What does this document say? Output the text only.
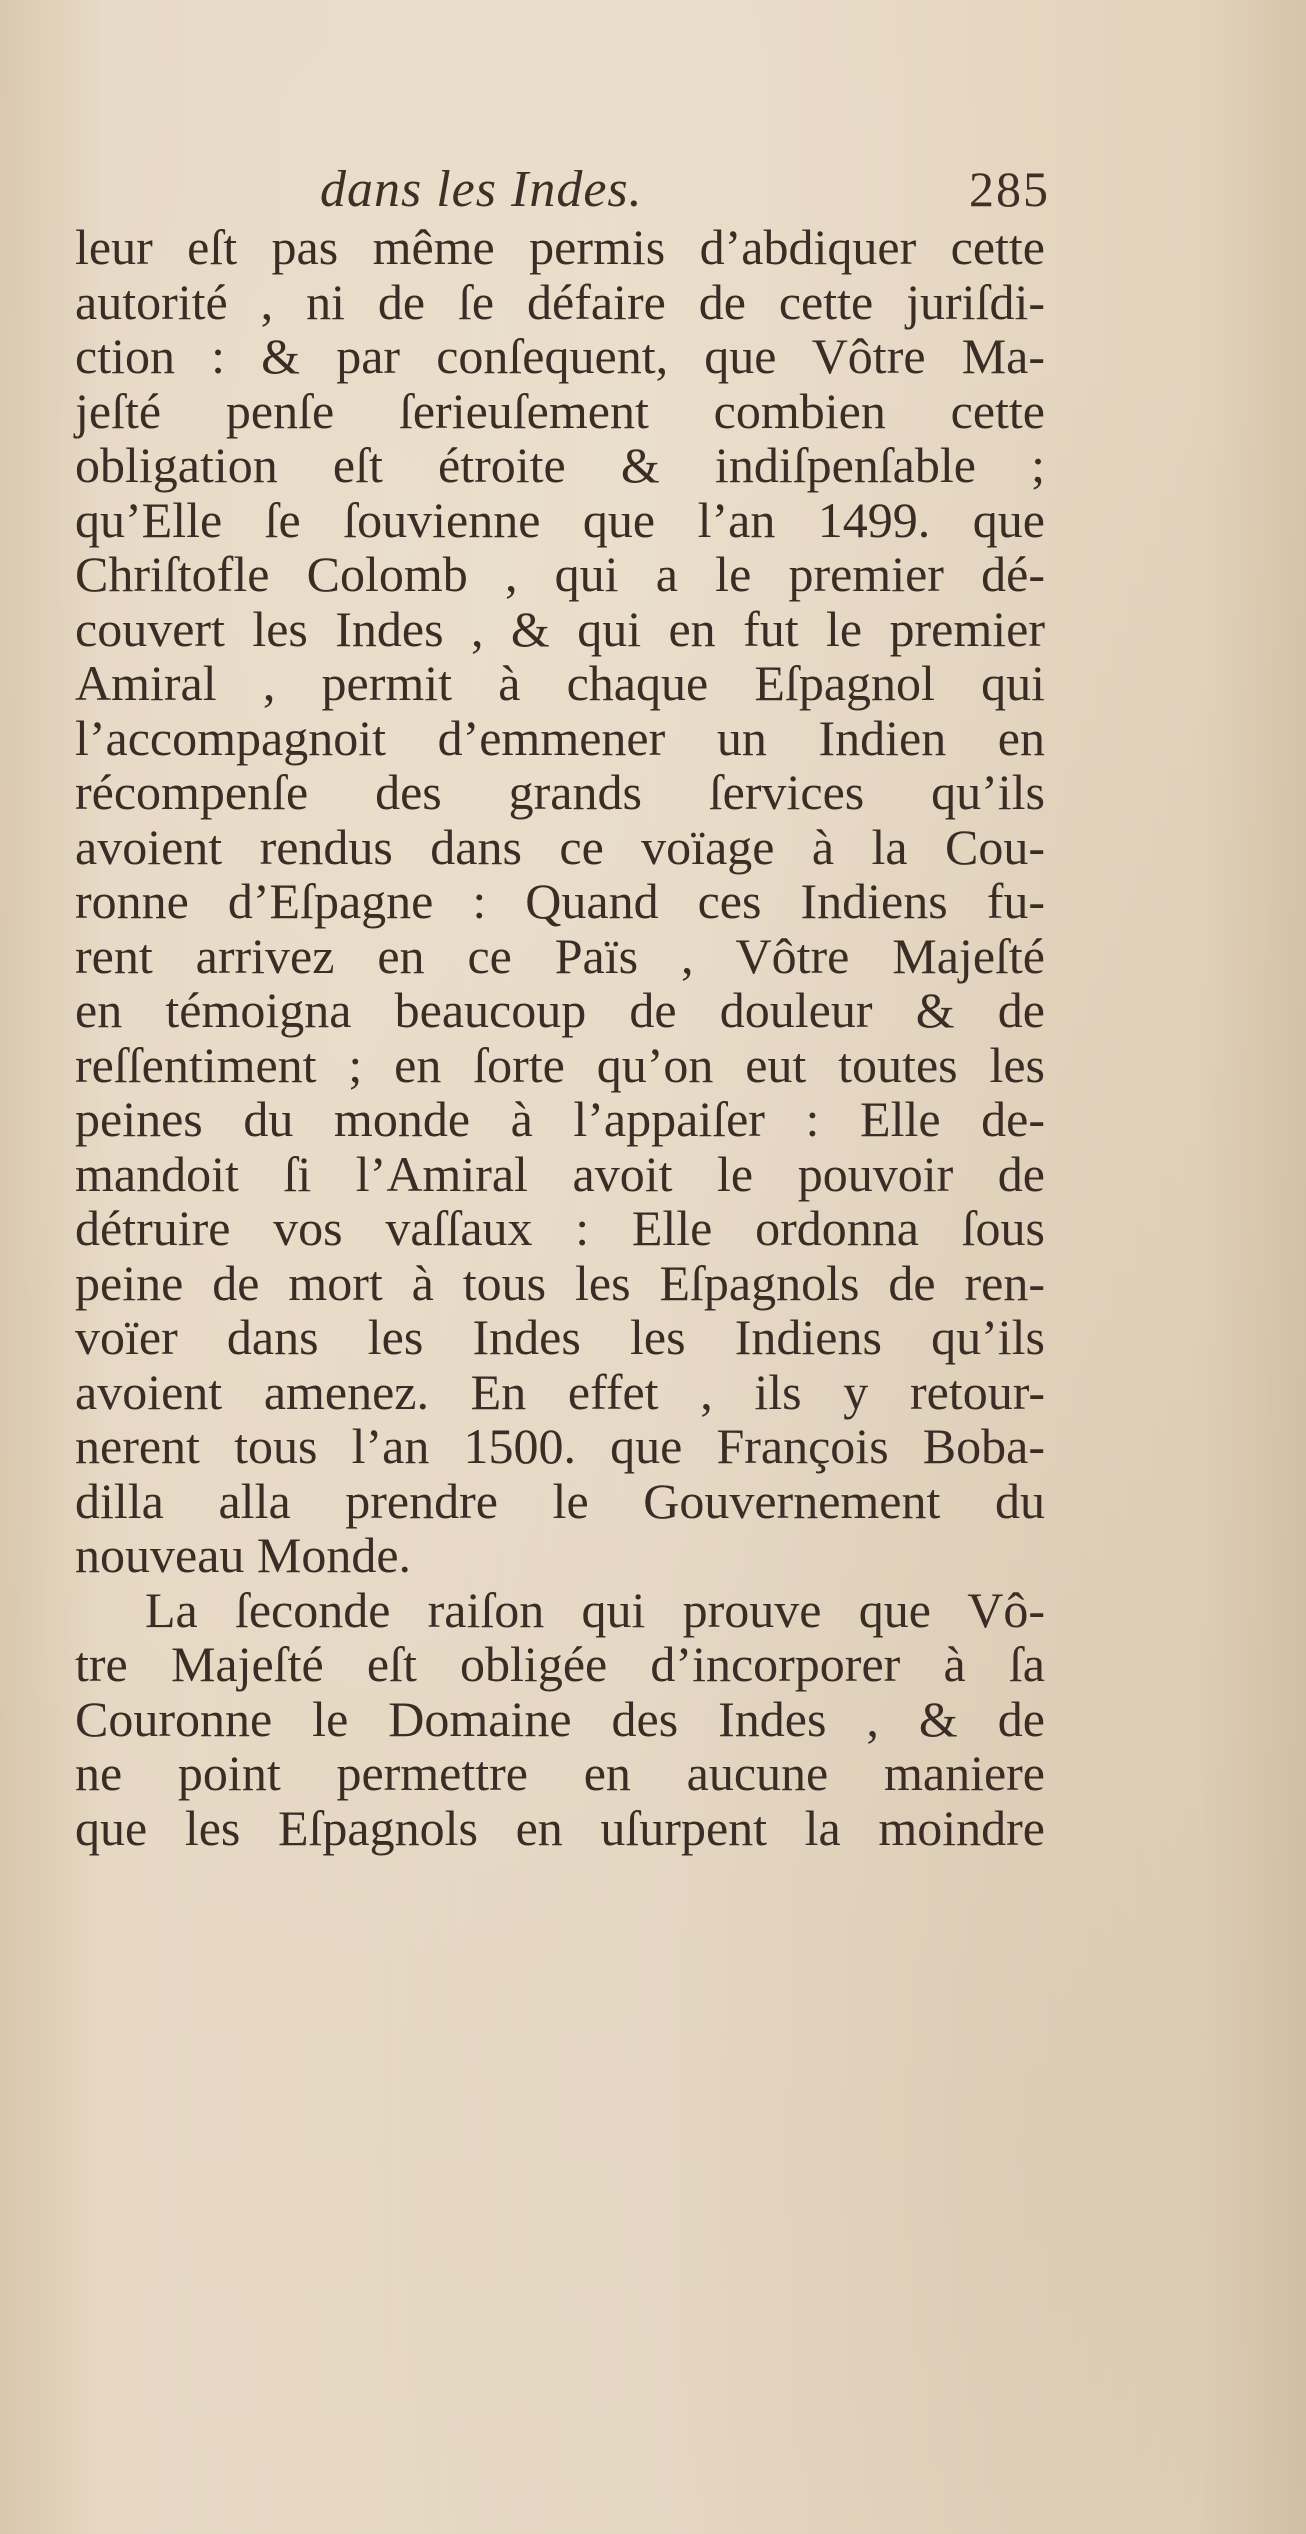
dans les Indes.	285
leur eſt pas même permis d’abdiquer cette
autorité , ni de ſe défaire de cette juriſdi-
ction : & par conſequent, que Vôtre Ma-
jeſté penſe ſerieuſement combien cette
obligation eſt étroite & indiſpenſable ;
qu’Elle ſe ſouvienne que l’an 1499. que
Chriſtofle Colomb , qui a le premier dé-
couvert les Indes , & qui en fut le premier
Amiral , permit à chaque Eſpagnol qui
l’accompagnoit d’emmener un Indien en
récompenſe des grands ſervices qu’ils
avoient rendus dans ce voïage à la Cou-
ronne d’Eſpagne : Quand ces Indiens fu-
rent arrivez en ce Païs , Vôtre Majeſté
en témoigna beaucoup de douleur & de
reſſentiment ; en ſorte qu’on eut toutes les
peines du monde à l’appaiſer : Elle de-
mandoit ſi l’Amiral avoit le pouvoir de
détruire vos vaſſaux : Elle ordonna ſous
peine de mort à tous les Eſpagnols de ren-
voïer dans les Indes les Indiens qu’ils
avoient amenez. En effet , ils y retour-
nerent tous l’an 1500. que François Boba-
dilla alla prendre le Gouvernement du
nouveau Monde.
La ſeconde raiſon qui prouve que Vô-
tre Majeſté eſt obligée d’incorporer à ſa
Couronne le Domaine des Indes , & de
ne point permettre en aucune maniere
que les Eſpagnols en uſurpent la moindre
